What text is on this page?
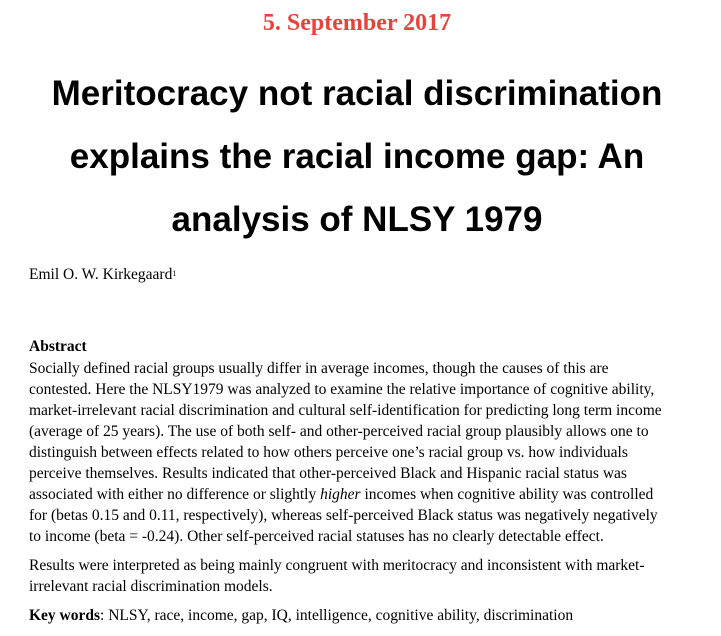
5. September 2017
Meritocracy not racial discrimination
explains the racial income gap: An
analysis of NLSY 1979
Emil O. W. Kirkegaard$^1$
Abstract
Socially defined racial groups usually differ in average incomes, though the causes of this are
contested. Here the NLSY1979 was analyzed to examine the relative importance of cognitive ability,
market-irrelevant racial discrimination and cultural self-identification for predicting long term income
(average of 25 years). The use of both self- and other-perceived racial group plausibly allows one to
distinguish between effects related to how others perceive one’s racial group vs. how individuals
perceive themselves. Results indicated that other-perceived Black and Hispanic racial status was
associated with either no difference or slightly higher incomes when cognitive ability was controlled
for (betas 0.15 and 0.11, respectively), whereas self-perceived Black status was negatively negatively
to income (beta = -0.24). Other self-perceived racial statuses has no clearly detectable effect.
Results were interpreted as being mainly congruent with meritocracy and inconsistent with market-
irrelevant racial discrimination models.
Key words: NLSY, race, income, gap, IQ, intelligence, cognitive ability, discrimination
